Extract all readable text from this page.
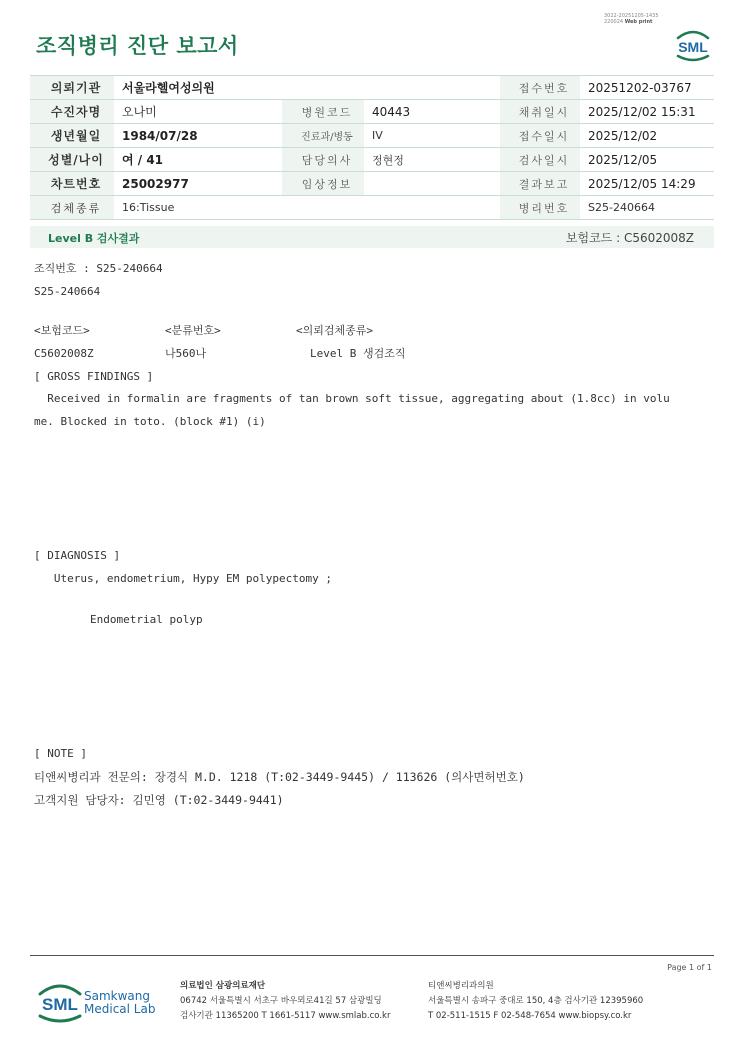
조직병리 진단 보고서
3022-20251205-1435
220024 Web print
SML
의뢰기관	서울라헬여성의원			접수번호	20251202-03767
수진자명	오나미	병원코드	40443	채취일시	2025/12/02 15:31
생년월일	1984/07/28	진료과/병동	IV	접수일시	2025/12/02
성별/나이	여 / 41	담당의사	정현정	검사일시	2025/12/05
차트번호	25002977	임상정보		결과보고	2025/12/05 14:29
검체종류	16:Tissue			병리번호	S25-240664
Level B 검사결과	보험코드 : C5602008Z
조직번호 : S25-240664
S25-240664
<보험코드>	<분류번호>	<의뢰검체종류>
C5602008Z	나560나	Level B 생검조직
[ GROSS FINDINGS ]
Received in formalin are fragments of tan brown soft tissue, aggregating about (1.8cc) in volu
me. Blocked in toto. (block #1) (i)
[ DIAGNOSIS ]
Uterus, endometrium, Hypy EM polypectomy ;
Endometrial polyp
[ NOTE ]
티앤씨병리과 전문의: 장경식 M.D. 1218 (T:02-3449-9445) / 113626 (의사면허번호)
고객지원 담당자: 김민영 (T:02-3449-9441)
Page 1 of 1
SML Samkwang
Medical Lab
의료법인 삼광의료재단
06742 서울특별시 서초구 바우뫼로41길 57 삼광빌딩
검사기관 11365200 T 1661-5117 www.smlab.co.kr
티앤씨병리과의원
서울특별시 송파구 중대로 150, 4층 검사기관 12395960
T 02-511-1515 F 02-548-7654 www.biopsy.co.kr
